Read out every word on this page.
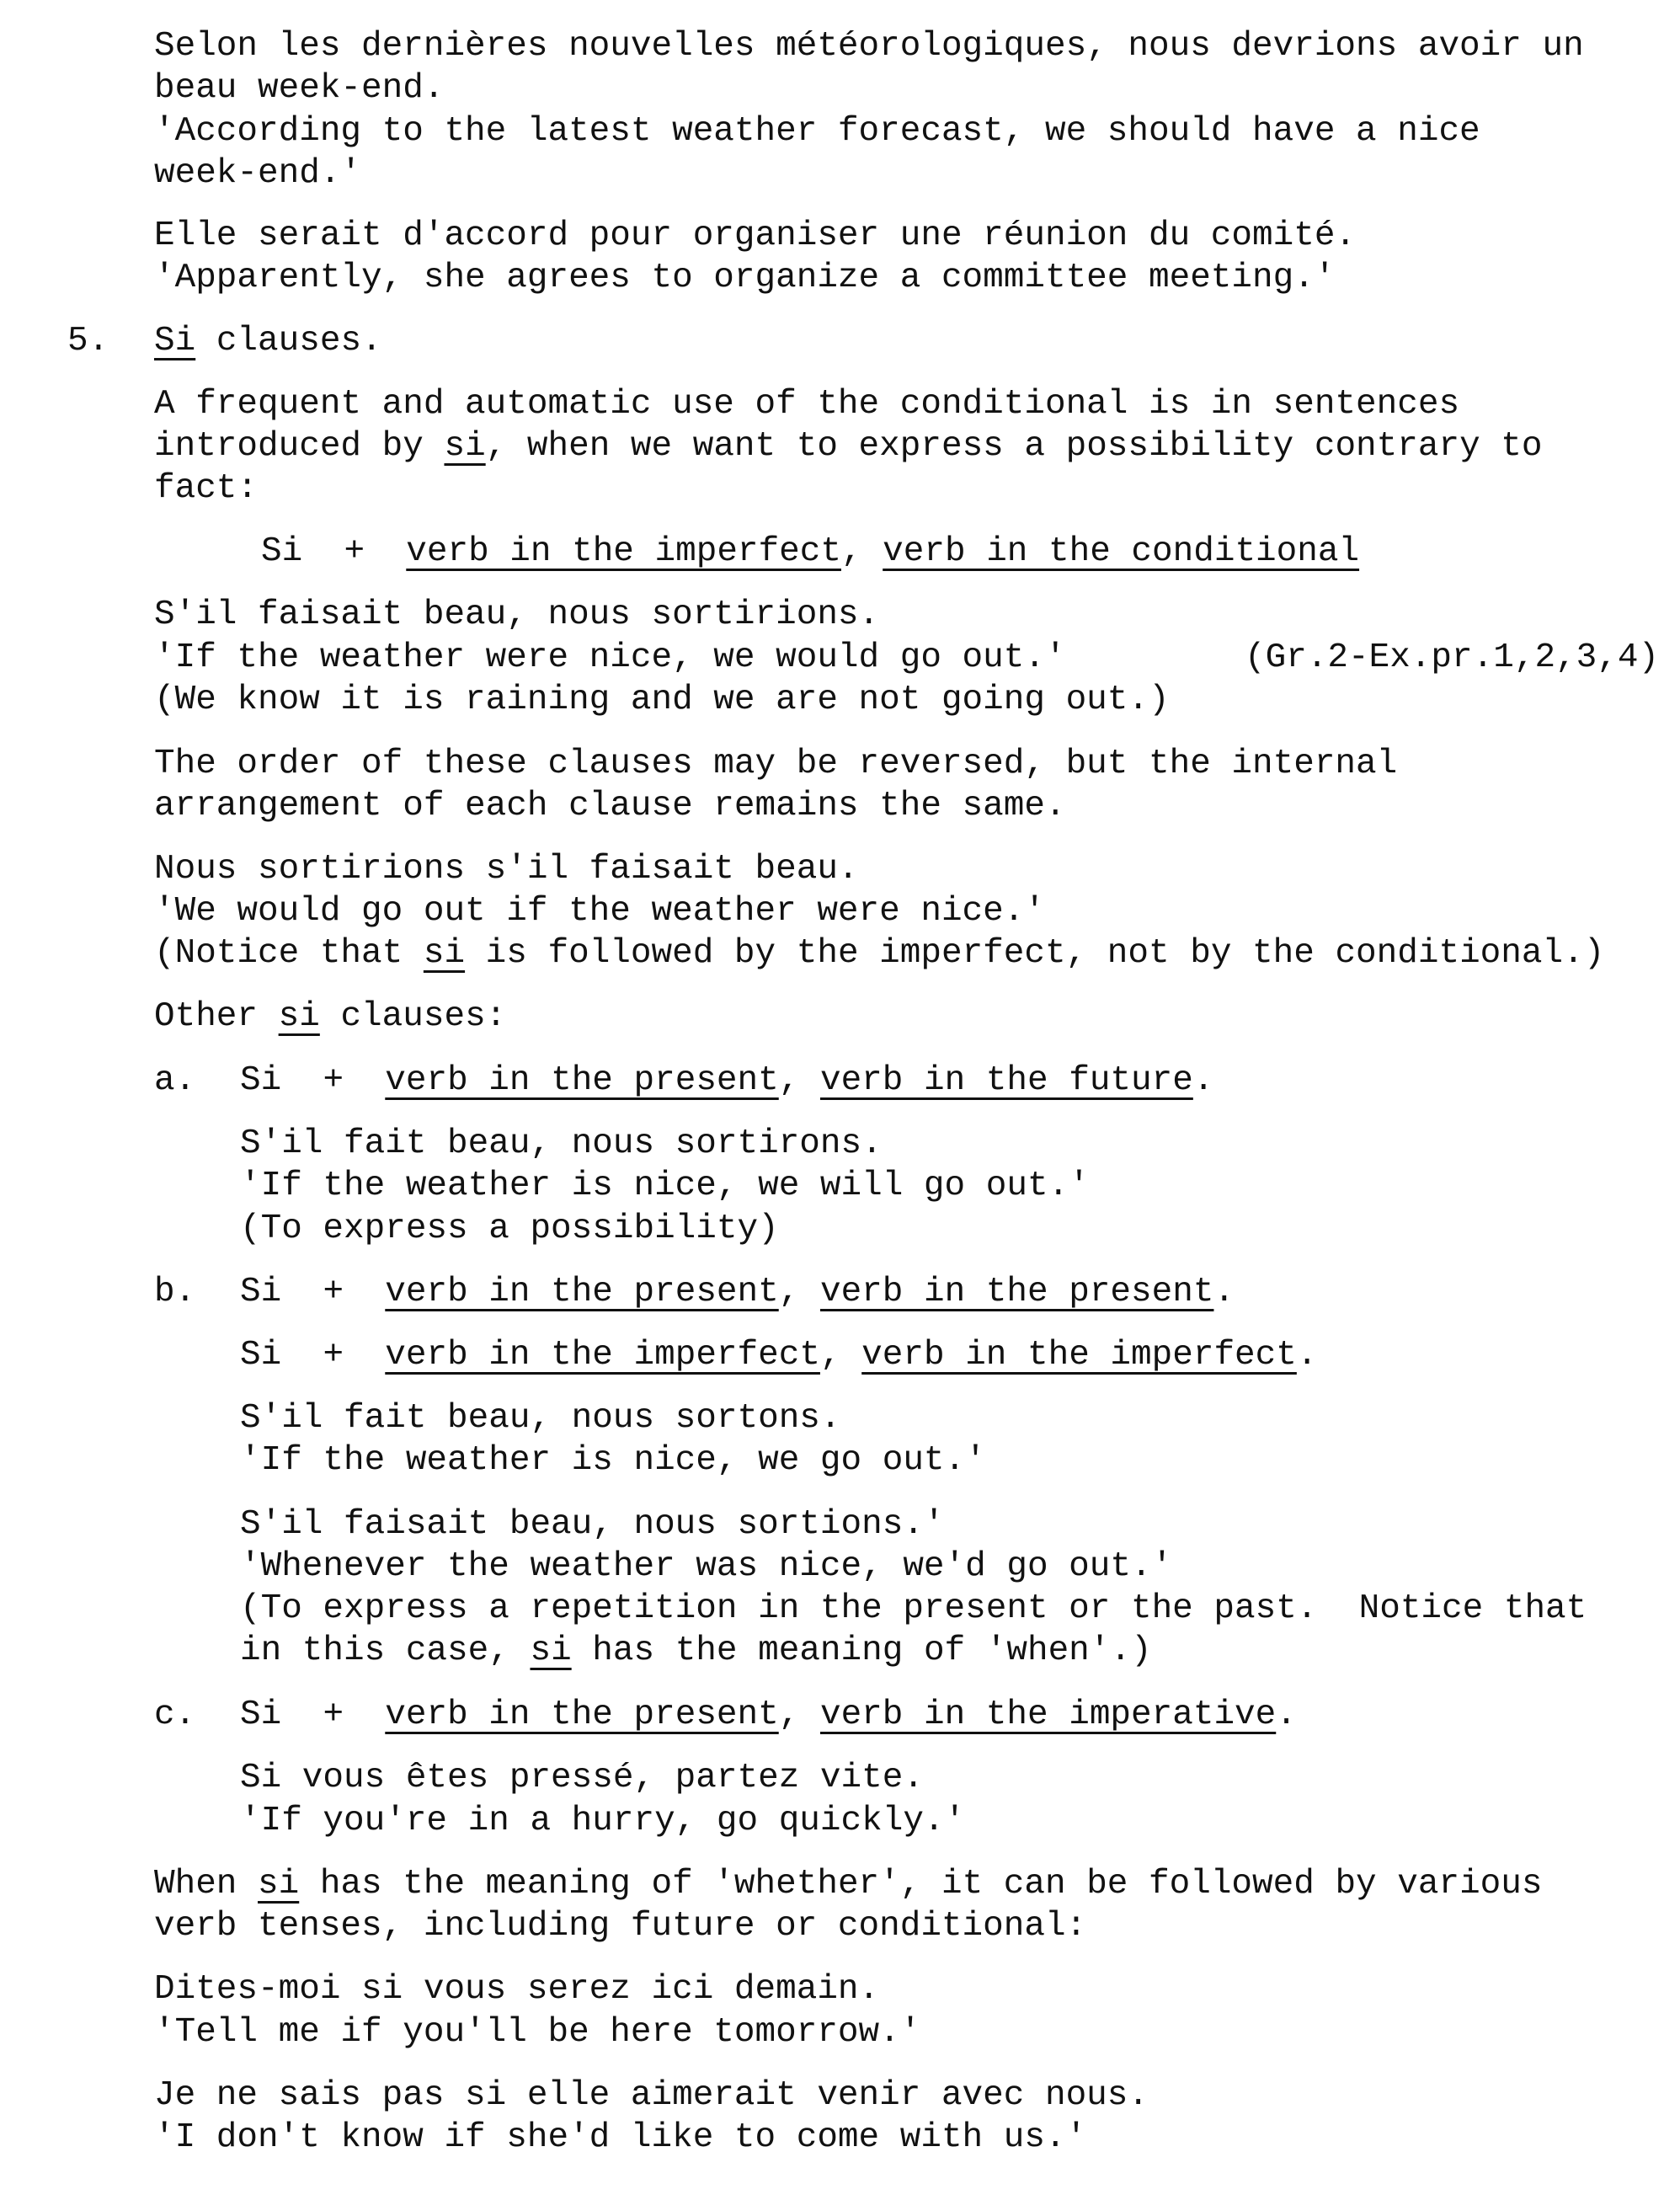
Selon les dernières nouvelles météorologiques, nous devrions avoir un
beau week-end.
'According to the latest weather forecast, we should have a nice
week-end.'
Elle serait d'accord pour organiser une réunion du comité.
'Apparently, she agrees to organize a committee meeting.'
5. Si clauses.
A frequent and automatic use of the conditional is in sentences
introduced by si, when we want to express a possibility contrary to
fact:
Si + verb in the imperfect, verb in the conditional
S'il faisait beau, nous sortirions.
'If the weather were nice, we would go out.'	(Gr.2-Ex.pr.1,2,3,4)
(We know it is raining and we are not going out.)
The order of these clauses may be reversed, but the internal
arrangement of each clause remains the same.
Nous sortirions s'il faisait beau.
'We would go out if the weather were nice.'
(Notice that si is followed by the imperfect, not by the conditional.)
Other si clauses:
a. Si + verb in the present, verb in the future.
S'il fait beau, nous sortirons.
'If the weather is nice, we will go out.'
(To express a possibility)
b. Si + verb in the present, verb in the present.
Si + verb in the imperfect, verb in the imperfect.
S'il fait beau, nous sortons.
'If the weather is nice, we go out.'
S'il faisait beau, nous sortions.'
'Whenever the weather was nice, we'd go out.'
(To express a repetition in the present or the past.  Notice that
in this case, si has the meaning of 'when'.)
c. Si + verb in the present, verb in the imperative.
Si vous êtes pressé, partez vite.
'If you're in a hurry, go quickly.'
When si has the meaning of 'whether', it can be followed by various
verb tenses, including future or conditional:
Dites-moi si vous serez ici demain.
'Tell me if you'll be here tomorrow.'
Je ne sais pas si elle aimerait venir avec nous.
'I don't know if she'd like to come with us.'
